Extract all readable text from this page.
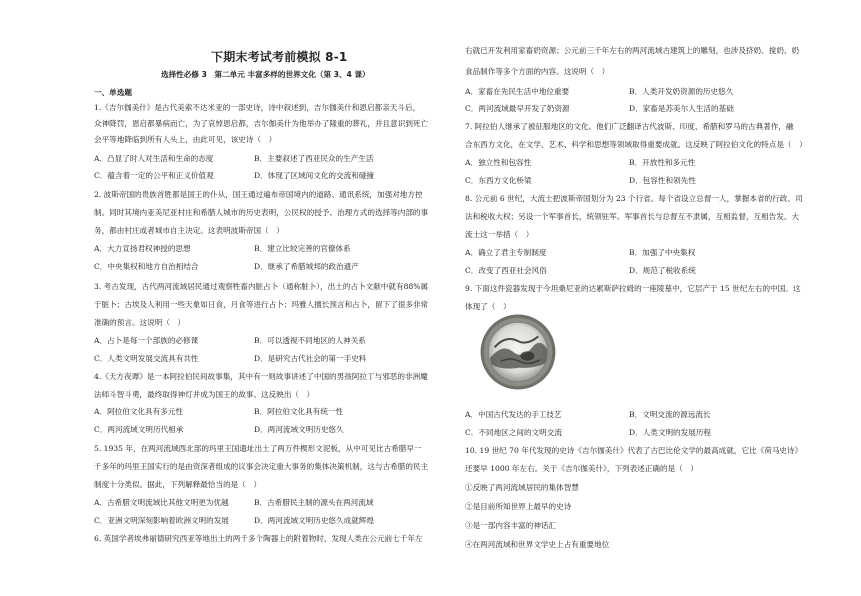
下期末考试考前模拟 8-1
选择性必修 3　第二单元 丰富多样的世界文化（第 3、4 课）
一、单选题
1.《吉尔伽美什》是古代美索不达米亚的一部史诗，诗中叙述到，吉尔伽美什和恩启都亲天斗后，
众神降罚，恩启都暴病而亡，为了哀悼恩启都，吉尔伽美什为他举办了隆重的葬礼，并且意识到死亡
会平等地降临到所有人头上，由此可见，该史诗（　）
A．凸显了时人对生活和生命的态度	B．主要叙述了西亚民众的生产生活
C．蕴含着一定的公平和正义价值观	D．体现了区域间文化的交流和碰撞
2. 波斯帝国的贵族首胜都是国王的仆从，国王通过遍布帝国境内的道路、通讯系统，加强对地方控
制。同时其境内亚美尼亚村庄和希腊人城市的历史表明，公民权的授予、治理方式的选择等内部的事
务，都由村庄或者城市自主决定。这表明波斯帝国（　）
A．大力宣扬君权神授的思想	B．建立比较完善的官僚体系
C．中央集权和地方自治相结合	D．继承了希腊城邦的政治遗产
3. 考古发现，古代两河流域居民通过观察牲畜内脏占卜（通称脏卜），出土的占卜文献中就有88%属
于脏卜；古埃及人利用一些天象如日食，月食等进行占卜；玛雅人擅长预言和占卜，留下了很多非常
准确的预言。这说明（　）
A．占卜是每一个部族的必修课	B．可以透视不同地区的人神关系
C．人类文明发展交流具有共性	D．是研究古代社会的第一手史料
4.《天方夜谭》是一本阿拉伯民间故事集，其中有一则故事讲述了中国的男孩阿拉丁与邪恶的非洲魔
法师斗智斗勇，最终取得神灯并成为国王的故事。这反映出（　）
A．阿拉伯文化具有多元性	B．阿拉伯文化具有统一性
C．两河流域文明历代相承	D．两河流域文明历史悠久
5. 1935 年，在两河流域西北部的玛里王国遗址出土了两万件楔形文泥板，从中可见比古希腊早一
千多年的玛里王国实行的是由资深者组成的议事会决定重大事务的集体决策机制，这与古希腊的民主
制度十分类似。据此，下列解释最恰当的是（　）
A．古希腊文明流域比其他文明更为优越	B．古希腊民主制的源头在两河流域
C．亚洲文明深刻影响着欧洲文明的发展	D．两河流域文明历史悠久成就辉煌
6. 英国学者埃弗丽德研究西亚等地出土的两千多个陶器上的附着物时，发现人类在公元前七千年左
右就已开发利用家畜奶资源；公元前三千年左右的两河流域古建筑上的雕刻，也涉及挤奶、搅奶、奶
食品制作等多个方面的内容。这说明（　）
A．家畜在先民生活中地位重要	B．人类开发奶资源的历史悠久
C．两河流域最早开发了奶资源	D．家畜是苏美尔人生活的基础
7. 阿拉伯人继承了被征服地区的文化。他们广泛翻译古代波斯、印度、希腊和罗马的古典著作，融
合东西方文化，在文学、艺术、科学和思想等领域取得重要成就。这反映了阿拉伯文化的特点是（　）
A．独立性和包容性	B．开放性和多元性
C．东西方文化桥梁	D．包容性和领先性
8. 公元前 6 世纪，大流士把波斯帝国划分为 23 个行省。每个省设立总督一人，掌握本省的行政、司
法和税收大权；另设一个军事首长，统领驻军。军事首长与总督互不隶属，互相监督，互相告发。大
流士这一举措（　）
A．确立了君主专制制度	B．加强了中央集权
C．改变了西亚社会风俗	D．规范了税收系统
9. 下面这件瓷器发现于今坦桑尼亚的达累斯萨拉姆的一座陵墓中，它层产于 15 世纪左右的中国。这
体现了（　）
A．中国古代发达的手工技艺	B．文明交流的源远流长
C．不同地区之间的文明交流	D．人类文明的发展历程
10. 19 世纪 70 年代发现的史诗《吉尔伽美什》代表了古巴比伦文学的最高成就，它比《荷马史诗》
还要早 1000 年左右。关于《吉尔伽美什》，下列表述正确的是（　）
①反映了两河流域居民的集体智慧
②是目前所知世界上最早的史诗
③是一部内容丰富的神话汇
④在两河流域和世界文学史上占有重要地位
